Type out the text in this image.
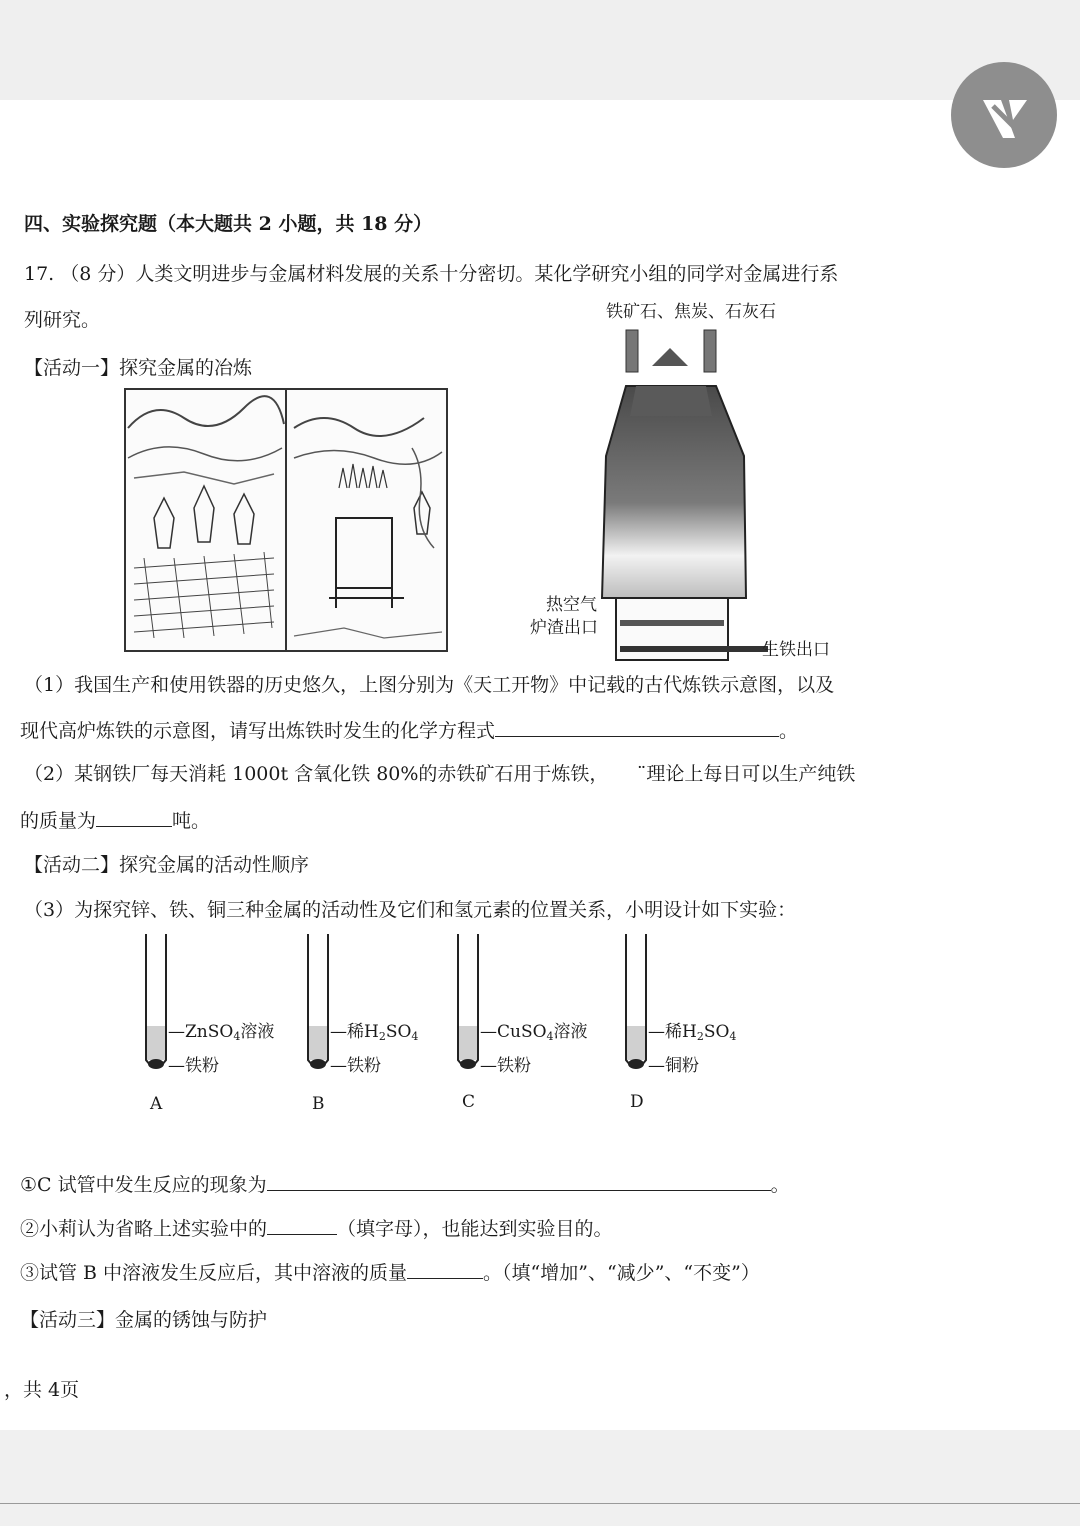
四、实验探究题（本大题共 2 小题，共 18 分）
17. （8 分）人类文明进步与金属材料发展的关系十分密切。某化学研究小组的同学对金属进行系
列研究。
【活动一】探究金属的冶炼
铁矿石、焦炭、石灰石
热空气
炉渣出口
生铁出口
（1）我国生产和使用铁器的历史悠久，上图分别为《天工开物》中记载的古代炼铁示意图，以及
现代高炉炼铁的示意图，请写出炼铁时发生的化学方程式	。
（2）某钢铁厂每天消耗 1000t 含氧化铁 80%的赤铁矿石用于炼铁，　　¨理论上每日可以生产纯铁
的质量为	吨。
【活动二】探究金属的活动性顺序
（3）为探究锌、铁、铜三种金属的活动性及它们和氢元素的位置关系，小明设计如下实验：
—ZnSO$_4$溶液
—铁粉
A
—稀$H_2SO_4$
—铁粉
B
—CuSO$_4$溶液
—铁粉
C
—稀$H_2SO_4$
—铜粉
D
①C 试管中发生反应的现象为	。
②小莉认为省略上述实验中的	（填字母），也能达到实验目的。
③试管 B 中溶液发生反应后，其中溶液的质量	。（填“增加”、“减少”、“不变”）
【活动三】金属的锈蚀与防护
，共 4页
